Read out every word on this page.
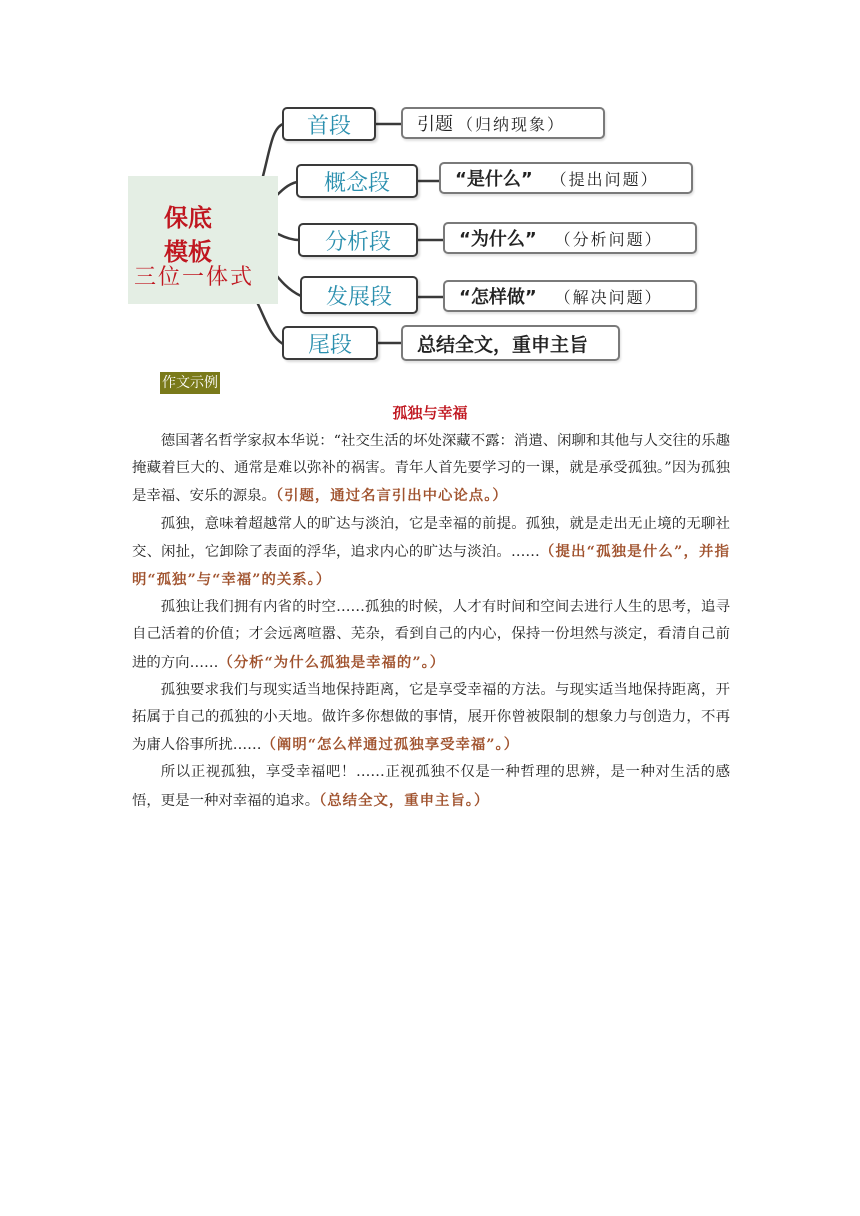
保底
模板
三位一体式
首段	引题 （归纳现象）
概念段	“是什么” （提出问题）
分析段	“为什么” （分析问题）
发展段	“怎样做” （解决问题）
尾段	总结全文，重申主旨
作文示例
孤独与幸福

德国著名哲学家叔本华说：“社交生活的坏处深藏不露：消遣、闲聊和其他与人交往的乐趣掩藏着巨大的、通常是难以弥补的祸害。青年人首先要学习的一课，就是承受孤独。”因为孤独是幸福、安乐的源泉。（引题，通过名言引出中心论点。）

孤独，意味着超越常人的旷达与淡泊，它是幸福的前提。孤独，就是走出无止境的无聊社交、闲扯，它卸除了表面的浮华，追求内心的旷达与淡泊。……（提出“孤独是什么”，并指明“孤独”与“幸福”的关系。）

孤独让我们拥有内省的时空……孤独的时候，人才有时间和空间去进行人生的思考，追寻自己活着的价值；才会远离喧嚣、芜杂，看到自己的内心，保持一份坦然与淡定，看清自己前进的方向……（分析“为什么孤独是幸福的”。）

孤独要求我们与现实适当地保持距离，它是享受幸福的方法。与现实适当地保持距离，开拓属于自己的孤独的小天地。做许多你想做的事情，展开你曾被限制的想象力与创造力，不再为庸人俗事所扰……（阐明“怎么样通过孤独享受幸福”。）

所以正视孤独，享受幸福吧！……正视孤独不仅是一种哲理的思辨，是一种对生活的感悟，更是一种对幸福的追求。（总结全文，重申主旨。）
